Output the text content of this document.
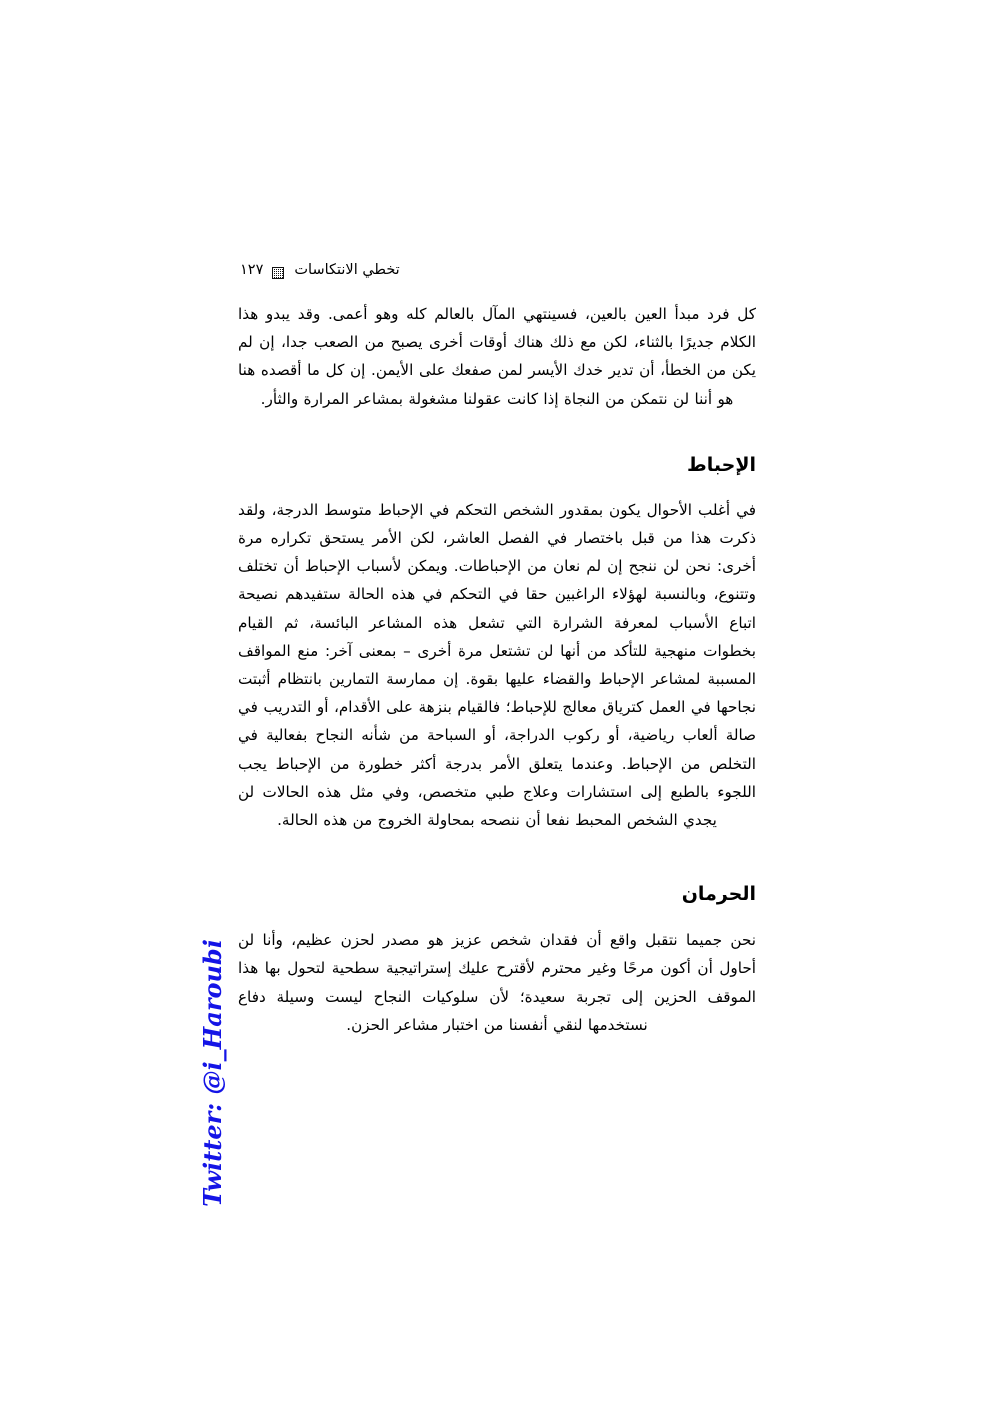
١٢٧ تخطي الانتكاسات

كل فرد مبدأ العين بالعين، فسينتهي المآل بالعالم كله وهو أعمى. وقد يبدو هذا الكلام جديرًا بالثناء، لكن مع ذلك هناك أوقات أخرى يصبح من الصعب جدا، إن لم يكن من الخطأ، أن تدير خدك الأيسر لمن صفعك على الأيمن. إن كل ما أقصده هنا هو أننا لن نتمكن من النجاة إذا كانت عقولنا مشغولة بمشاعر المرارة والثأر.

الإحباط

في أغلب الأحوال يكون بمقدور الشخص التحكم في الإحباط متوسط الدرجة، ولقد ذكرت هذا من قبل باختصار في الفصل العاشر، لكن الأمر يستحق تكراره مرة أخرى: نحن لن ننجح إن لم نعان من الإحباطات. ويمكن لأسباب الإحباط أن تختلف وتتنوع، وبالنسبة لهؤلاء الراغبين حقا في التحكم في هذه الحالة ستفيدهم نصيحة اتباع الأسباب لمعرفة الشرارة التي تشعل هذه المشاعر البائسة، ثم القيام بخطوات منهجية للتأكد من أنها لن تشتعل مرة أخرى – بمعنى آخر: منع المواقف المسببة لمشاعر الإحباط والقضاء عليها بقوة. إن ممارسة التمارين بانتظام أثبتت نجاحها في العمل كترياق معالج للإحباط؛ فالقيام بنزهة على الأقدام، أو التدريب في صالة ألعاب رياضية، أو ركوب الدراجة، أو السباحة من شأنه النجاح بفعالية في التخلص من الإحباط. وعندما يتعلق الأمر بدرجة أكثر خطورة من الإحباط يجب اللجوء بالطبع إلى استشارات وعلاج طبي متخصص، وفي مثل هذه الحالات لن يجدي الشخص المحبط نفعا أن ننصحه بمحاولة الخروج من هذه الحالة.

الحرمان

نحن جميما نتقبل واقع أن فقدان شخص عزيز هو مصدر لحزن عظيم، وأنا لن أحاول أن أكون مرحًا وغير محترم لأقترح عليك إستراتيجية سطحية لتحول بها هذا الموقف الحزين إلى تجربة سعيدة؛ لأن سلوكيات النجاح ليست وسيلة دفاع نستخدمها لنقي أنفسنا من اختبار مشاعر الحزن.

Twitter: @i_Haroubi
